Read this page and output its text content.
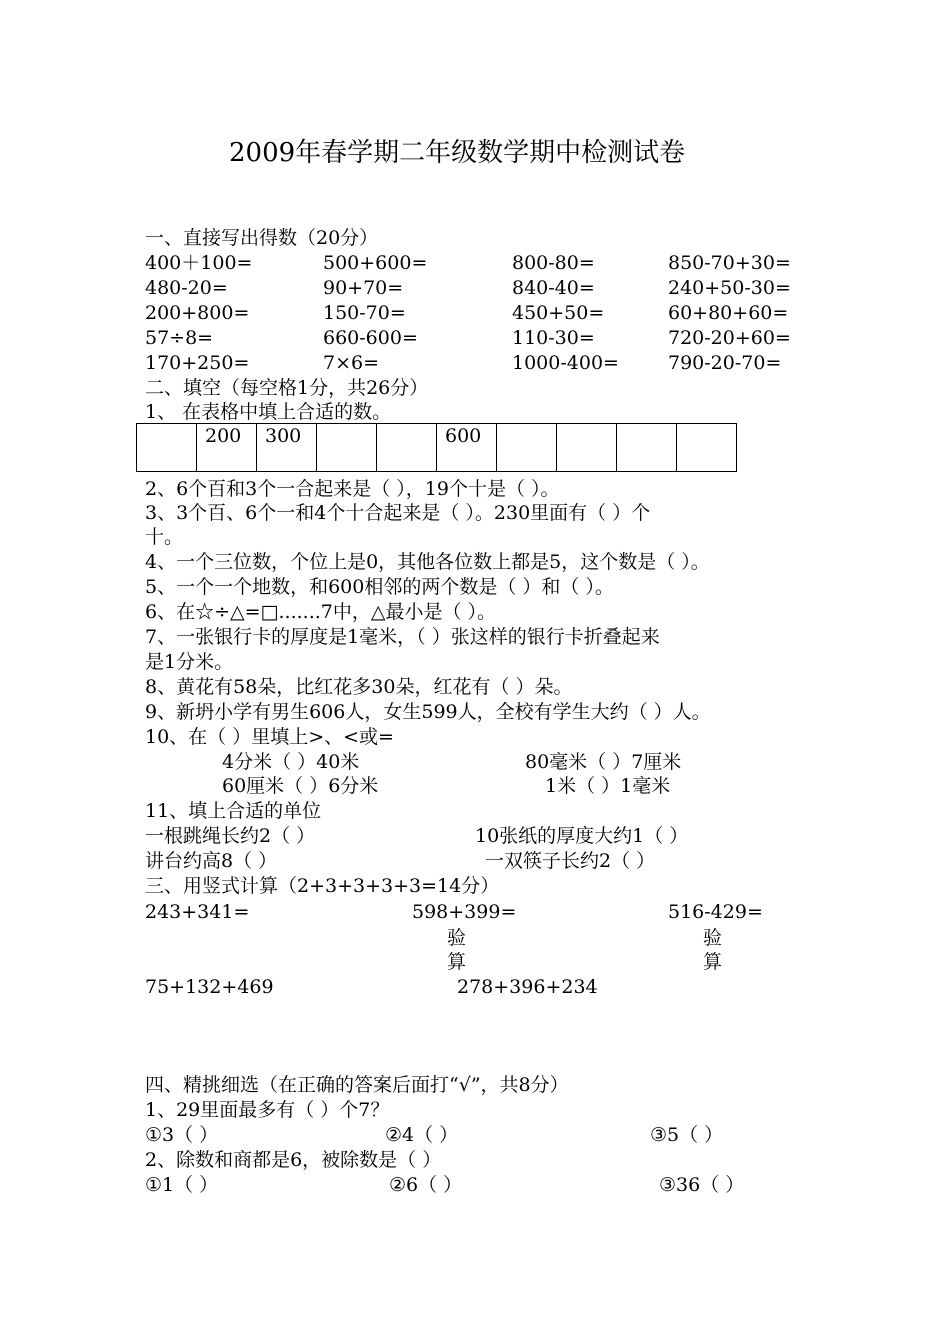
2009年春学期二年级数学期中检测试卷
一、直接写出得数（20分）
400＋100=	500+600=	800-80=	850-70+30=
480-20=	90+70=	840-40=	240+50-30=
200+800=	150-70=	450+50=	60+80+60=
57÷8=	660-600=	110-30=	720-20+60=
170+250=	7×6=	1000-400=	790-20-70=
二、填空（每空格1分，共26分）
1、 在表格中填上合适的数。
	200	300			600				
2、6个百和3个一合起来是（ ），19个十是（ ）。
3、3个百、6个一和4个十合起来是（ ）。230里面有（ ）个
十。
4、一个三位数，个位上是0，其他各位数上都是5，这个数是（ ）。
5、一个一个地数，和600相邻的两个数是（ ）和（ ）。
6、在☆÷△=□.......7中，△最小是（ ）。
7、一张银行卡的厚度是1毫米，（ ）张这样的银行卡折叠起来
是1分米。
8、黄花有58朵，比红花多30朵，红花有（ ）朵。
9、新坍小学有男生606人，女生599人，全校有学生大约（ ）人。
10、在（ ）里填上>、<或=
4分米（ ）40米	80毫米（ ）7厘米
60厘米（ ）6分米	1米（ ）1毫米
11、填上合适的单位
一根跳绳长约2（ ）	10张纸的厚度大约1（ ）
讲台约高8（ ）	一双筷子长约2（ ）
三、用竖式计算（2+3+3+3+3=14分）
243+341=	598+399=	516-429=
验
算
验
算
75+132+469	278+396+234
四、精挑细选（在正确的答案后面打“√”，共8分）
1、29里面最多有（ ）个7？
①3（ ）	②4（ ）	③5（ ）
2、除数和商都是6，被除数是（ ）
①1（ ）	②6（ ）	③36（ ）
